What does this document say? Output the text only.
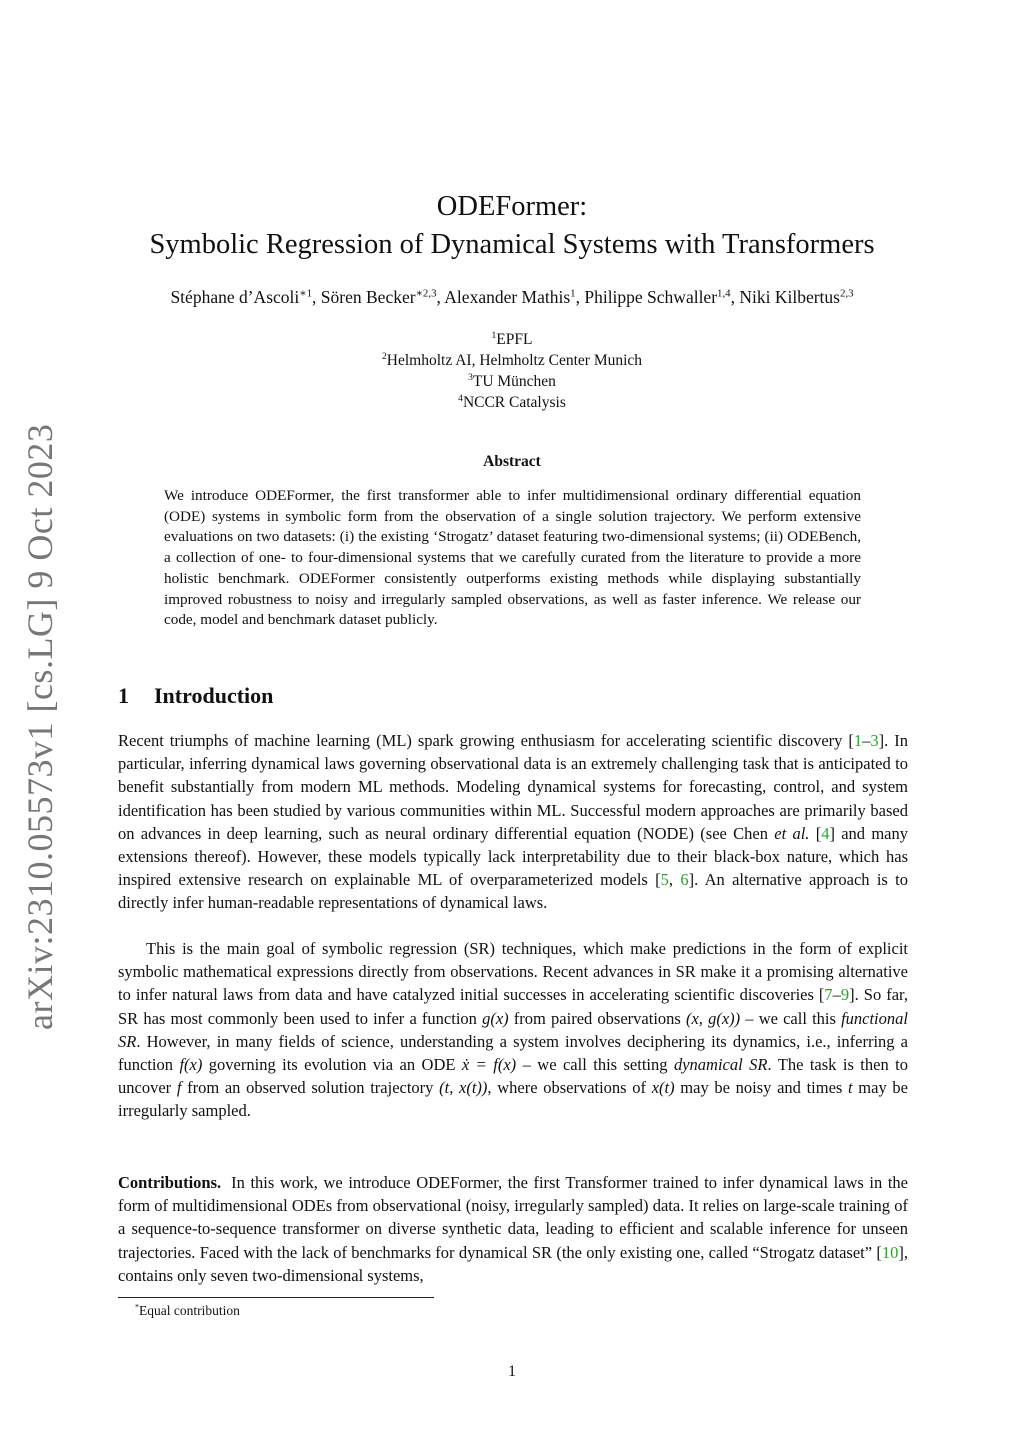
arXiv:2310.05573v1 [cs.LG] 9 Oct 2023
ODEFormer:
Symbolic Regression of Dynamical Systems with Transformers
Stéphane d’Ascoli$^{∗1}$, Sören Becker$^{∗2,3}$, Alexander Mathis$^1$, Philippe Schwaller$^{1,4}$, Niki Kilbertus$^{2,3}$
$^1$EPFL
$^2$Helmholtz AI, Helmholtz Center Munich
$^3$TU München
$^4$NCCR Catalysis
Abstract
We introduce ODEFormer, the first transformer able to infer multidimensional ordinary differential equation (ODE) systems in symbolic form from the observation of a single solution trajectory. We perform extensive evaluations on two datasets: (i) the existing ‘Strogatz’ dataset featuring two-dimensional systems; (ii) ODEBench, a collection of one- to four-dimensional systems that we carefully curated from the literature to provide a more holistic benchmark. ODEFormer consistently outperforms existing methods while displaying substantially improved robustness to noisy and irregularly sampled observations, as well as faster inference. We release our code, model and benchmark dataset publicly.
1 Introduction
Recent triumphs of machine learning (ML) spark growing enthusiasm for accelerating scientific discovery [1–3]. In particular, inferring dynamical laws governing observational data is an extremely challenging task that is anticipated to benefit substantially from modern ML methods. Modeling dynamical systems for forecasting, control, and system identification has been studied by various communities within ML. Successful modern approaches are primarily based on advances in deep learning, such as neural ordinary differential equation (NODE) (see Chen et al. [4] and many extensions thereof). However, these models typically lack interpretability due to their black-box nature, which has inspired extensive research on explainable ML of overparameterized models [5, 6]. An alternative approach is to directly infer human-readable representations of dynamical laws.
This is the main goal of symbolic regression (SR) techniques, which make predictions in the form of explicit symbolic mathematical expressions directly from observations. Recent advances in SR make it a promising alternative to infer natural laws from data and have catalyzed initial successes in accelerating scientific discoveries [7–9]. So far, SR has most commonly been used to infer a function g(x) from paired observations (x, g(x)) – we call this functional SR. However, in many fields of science, understanding a system involves deciphering its dynamics, i.e., inferring a function f(x) governing its evolution via an ODE ẋ = f(x) – we call this setting dynamical SR. The task is then to uncover f from an observed solution trajectory (t, x(t)), where observations of x(t) may be noisy and times t may be irregularly sampled.
Contributions. In this work, we introduce ODEFormer, the first Transformer trained to infer dynamical laws in the form of multidimensional ODEs from observational (noisy, irregularly sampled) data. It relies on large-scale training of a sequence-to-sequence transformer on diverse synthetic data, leading to efficient and scalable inference for unseen trajectories. Faced with the lack of benchmarks for dynamical SR (the only existing one, called “Strogatz dataset” [10], contains only seven two-dimensional systems,
*Equal contribution
1
